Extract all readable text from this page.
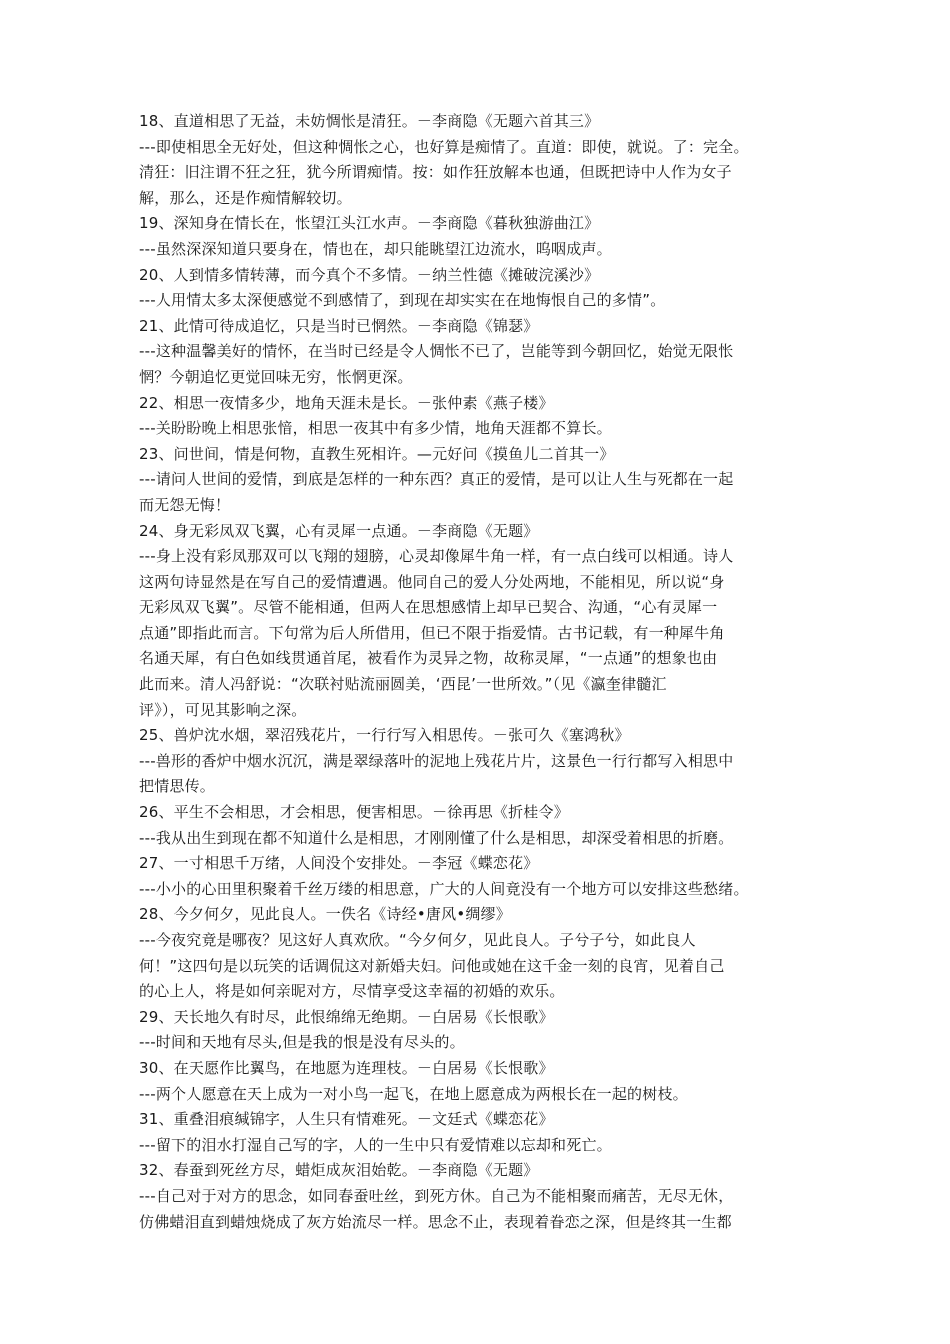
18、直道相思了无益，未妨惆怅是清狂。－李商隐《无题六首其三》
---即使相思全无好处，但这种惆怅之心，也好算是痴情了。直道：即使，就说。了：完全。
清狂：旧注谓不狂之狂，犹今所谓痴情。按：如作狂放解本也通，但既把诗中人作为女子
解，那么，还是作痴情解较切。
19、深知身在情长在，怅望江头江水声。－李商隐《暮秋独游曲江》
---虽然深深知道只要身在，情也在，却只能眺望江边流水，呜咽成声。
20、人到情多情转薄，而今真个不多情。－纳兰性德《摊破浣溪沙》
---人用情太多太深便感觉不到感情了，到现在却实实在在地悔恨自己的多情”。
21、此情可待成追忆，只是当时已惘然。－李商隐《锦瑟》
---这种温馨美好的情怀，在当时已经是令人惆怅不已了，岂能等到今朝回忆，始觉无限怅
惘？今朝追忆更觉回味无穷，怅惘更深。
22、相思一夜情多少，地角天涯未是长。－张仲素《燕子楼》
---关盼盼晚上相思张愔，相思一夜其中有多少情，地角天涯都不算长。
23、问世间，情是何物，直教生死相许。—元好问《摸鱼儿二首其一》
---请问人世间的爱情，到底是怎样的一种东西？真正的爱情，是可以让人生与死都在一起
而无怨无悔！
24、身无彩凤双飞翼，心有灵犀一点通。－李商隐《无题》
---身上没有彩凤那双可以飞翔的翅膀，心灵却像犀牛角一样，有一点白线可以相通。诗人
这两句诗显然是在写自己的爱情遭遇。他同自己的爱人分处两地，不能相见，所以说“身
无彩凤双飞翼”。尽管不能相通，但两人在思想感情上却早已契合、沟通，“心有灵犀一
点通”即指此而言。下句常为后人所借用，但已不限于指爱情。古书记载，有一种犀牛角
名通天犀，有白色如线贯通首尾，被看作为灵异之物，故称灵犀，“一点通”的想象也由
此而来。清人冯舒说：“次联衬贴流丽圆美，‘西昆’一世所效。”（见《瀛奎律髓汇
评》），可见其影响之深。
25、兽炉沈水烟，翠沼残花片，一行行写入相思传。－张可久《塞鸿秋》
---兽形的香炉中烟水沉沉，满是翠绿落叶的泥地上残花片片，这景色一行行都写入相思中
把情思传。
26、平生不会相思，才会相思，便害相思。－徐再思《折桂令》
---我从出生到现在都不知道什么是相思，才刚刚懂了什么是相思，却深受着相思的折磨。
27、一寸相思千万绪，人间没个安排处。－李冠《蝶恋花》
---小小的心田里积聚着千丝万缕的相思意，广大的人间竟没有一个地方可以安排这些愁绪。
28、今夕何夕，见此良人。一佚名《诗经•唐风•绸缪》
---今夜究竟是哪夜？见这好人真欢欣。“今夕何夕，见此良人。子兮子兮，如此良人
何！”这四句是以玩笑的话调侃这对新婚夫妇。问他或她在这千金一刻的良宵，见着自己
的心上人，将是如何亲昵对方，尽情享受这幸福的初婚的欢乐。
29、天长地久有时尽，此恨绵绵无绝期。－白居易《长恨歌》
---时间和天地有尽头,但是我的恨是没有尽头的。
30、在天愿作比翼鸟，在地愿为连理枝。－白居易《长恨歌》
---两个人愿意在天上成为一对小鸟一起飞，在地上愿意成为两根长在一起的树枝。
31、重叠泪痕缄锦字，人生只有情难死。－文廷式《蝶恋花》
---留下的泪水打湿自己写的字，人的一生中只有爱情难以忘却和死亡。
32、春蚕到死丝方尽，蜡炬成灰泪始乾。－李商隐《无题》
---自己对于对方的思念，如同春蚕吐丝，到死方休。自己为不能相聚而痛苦，无尽无休，
仿佛蜡泪直到蜡烛烧成了灰方始流尽一样。思念不止，表现着眷恋之深，但是终其一生都
